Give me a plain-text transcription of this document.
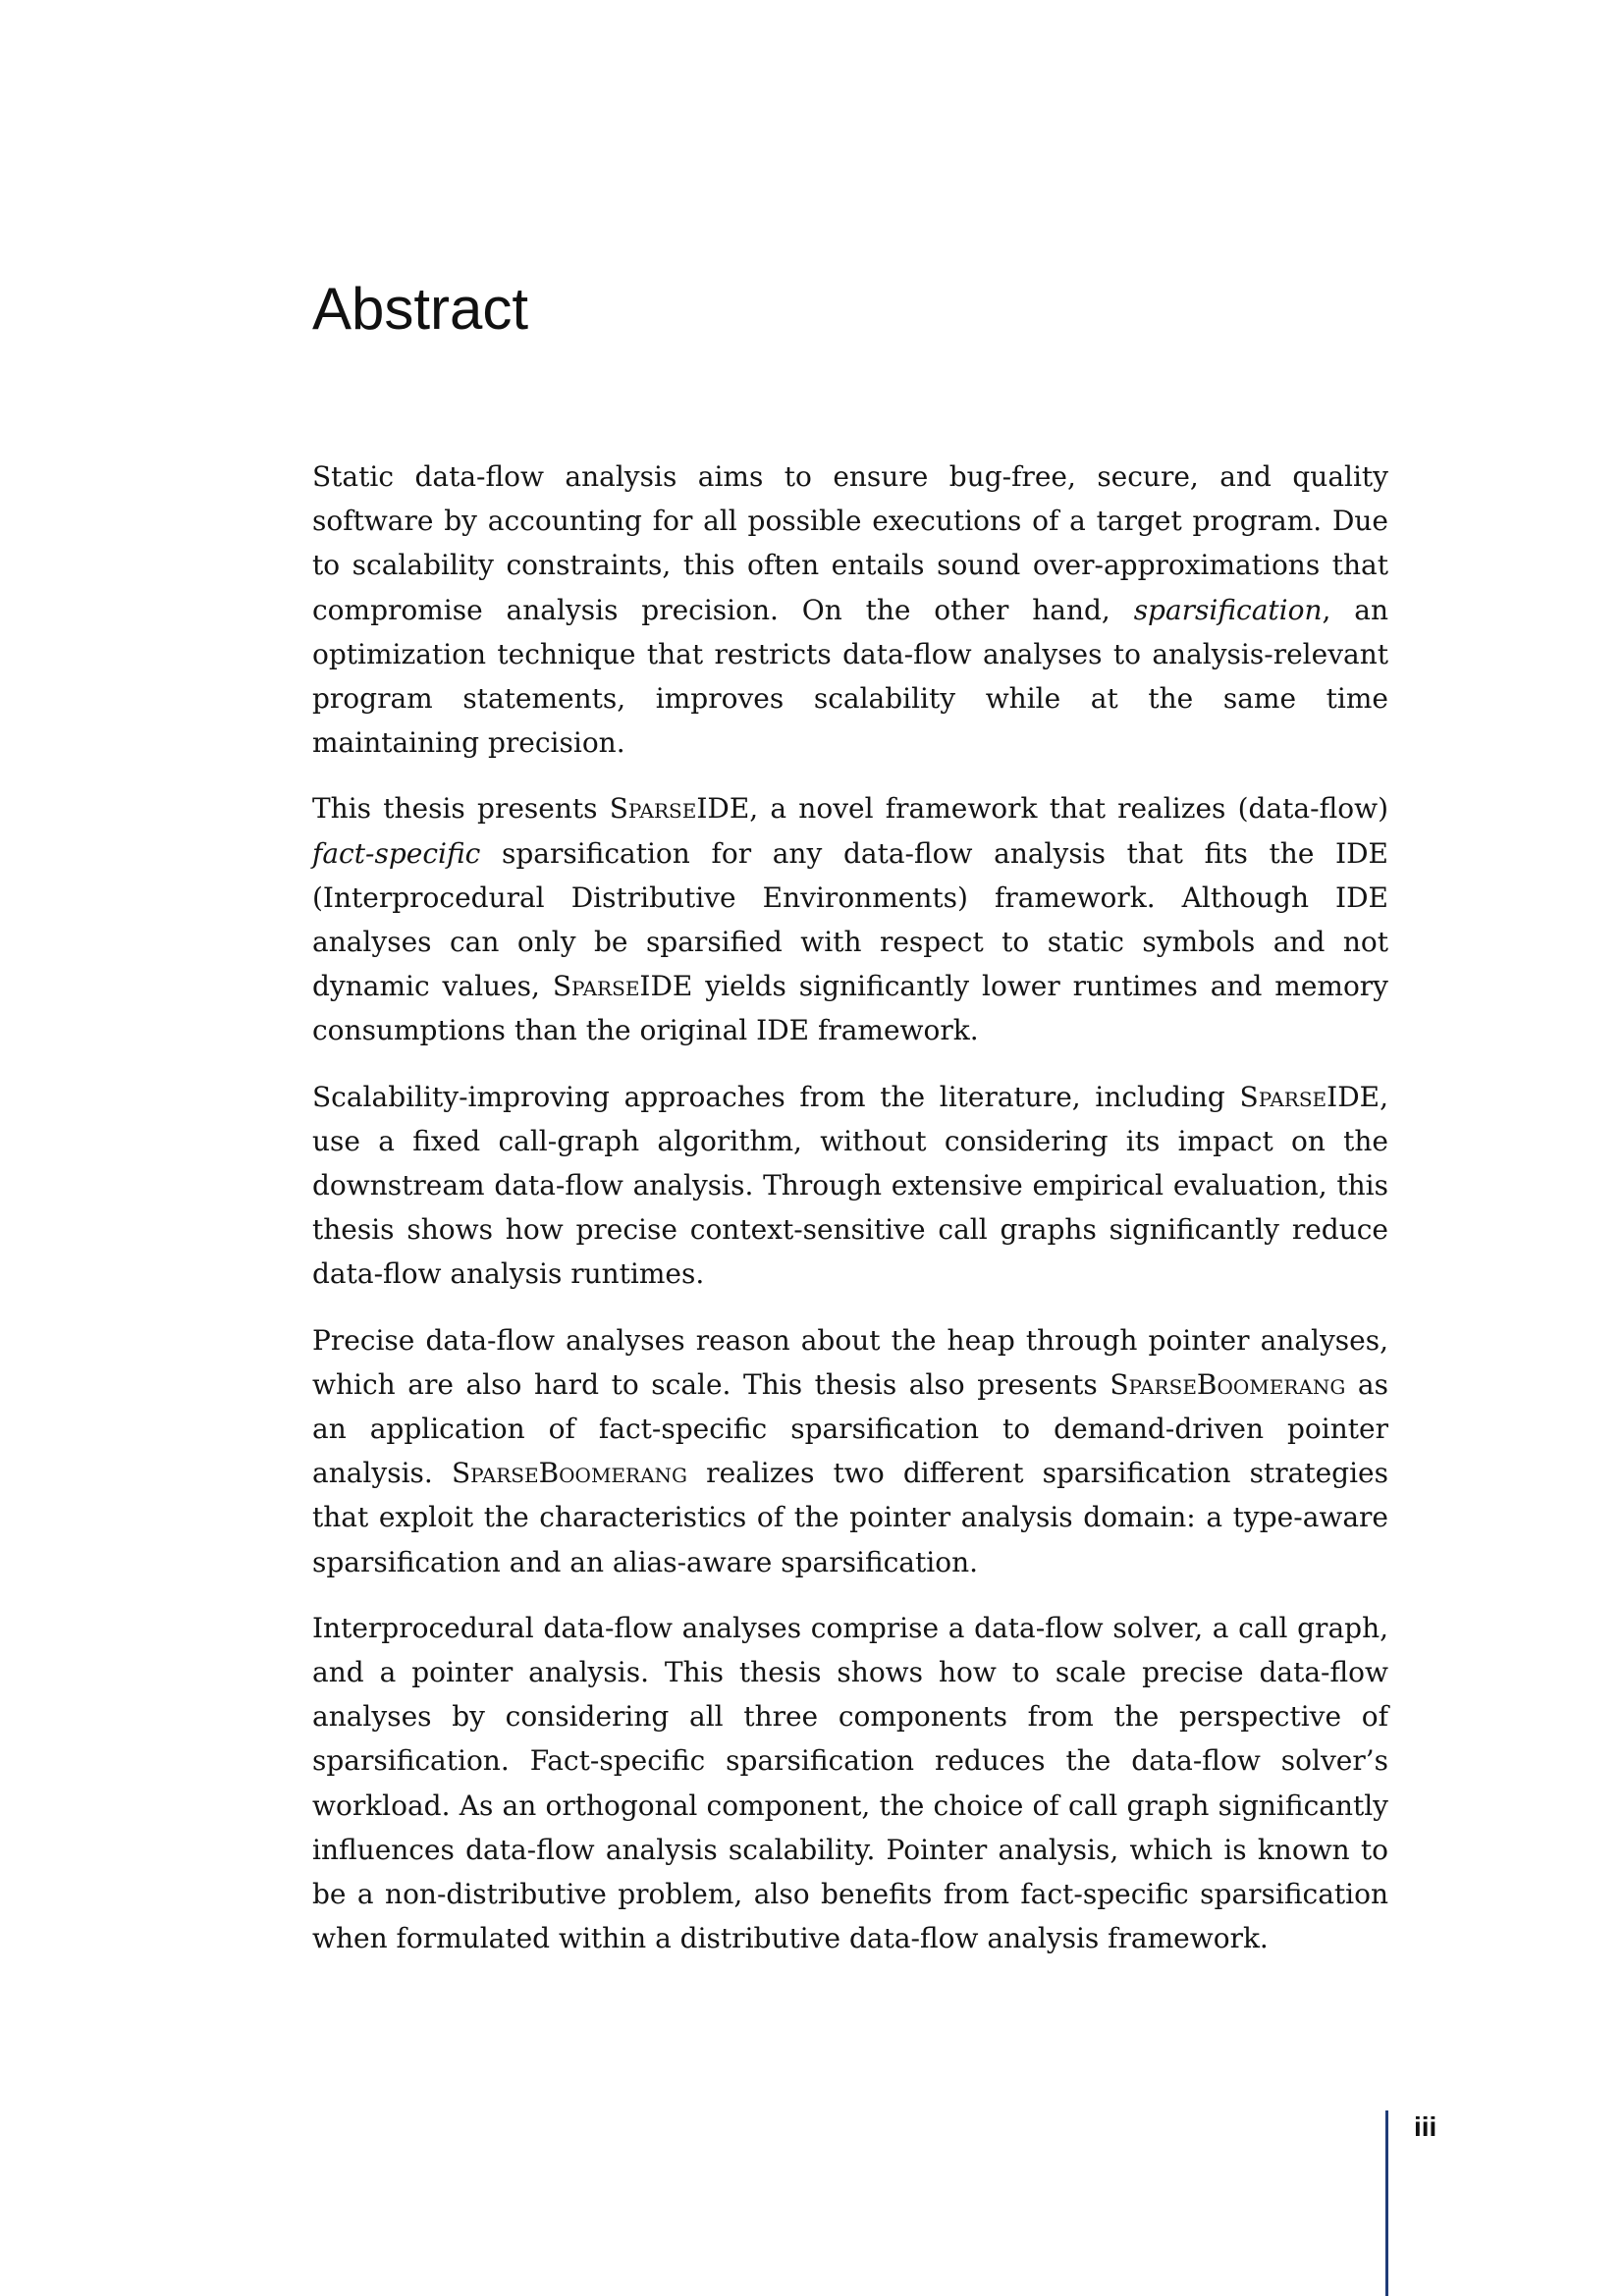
Abstract

Static data-flow analysis aims to ensure bug-free, secure, and quality software by accounting for all possible executions of a target program. Due to scalability constraints, this often entails sound over-approximations that compromise analysis precision. On the other hand, sparsification, an optimization technique that restricts data-flow analyses to analysis-relevant program statements, improves scalability while at the same time maintaining precision.

This thesis presents SparseIDE, a novel framework that realizes (data-flow) fact-specific sparsification for any data-flow analysis that fits the IDE (Interprocedural Distributive Environments) framework. Although IDE analyses can only be sparsified with respect to static symbols and not dynamic values, SparseIDE yields significantly lower runtimes and memory consumptions than the original IDE framework.

Scalability-improving approaches from the literature, including SparseIDE, use a fixed call-graph algorithm, without considering its impact on the downstream data-flow analysis. Through extensive empirical evaluation, this thesis shows how precise context-sensitive call graphs significantly reduce data-flow analysis runtimes.

Precise data-flow analyses reason about the heap through pointer analyses, which are also hard to scale. This thesis also presents SparseBoomerang as an application of fact-specific sparsification to demand-driven pointer analysis. SparseBoomerang realizes two different sparsification strategies that exploit the characteristics of the pointer analysis domain: a type-aware sparsification and an alias-aware sparsification.

Interprocedural data-flow analyses comprise a data-flow solver, a call graph, and a pointer analysis. This thesis shows how to scale precise data-flow analyses by considering all three components from the perspective of sparsification. Fact-specific sparsification reduces the data-flow solver’s workload. As an orthogonal component, the choice of call graph significantly influences data-flow analysis scalability. Pointer analysis, which is known to be a non-distributive problem, also benefits from fact-specific sparsification when formulated within a distributive data-flow analysis framework.

iii
